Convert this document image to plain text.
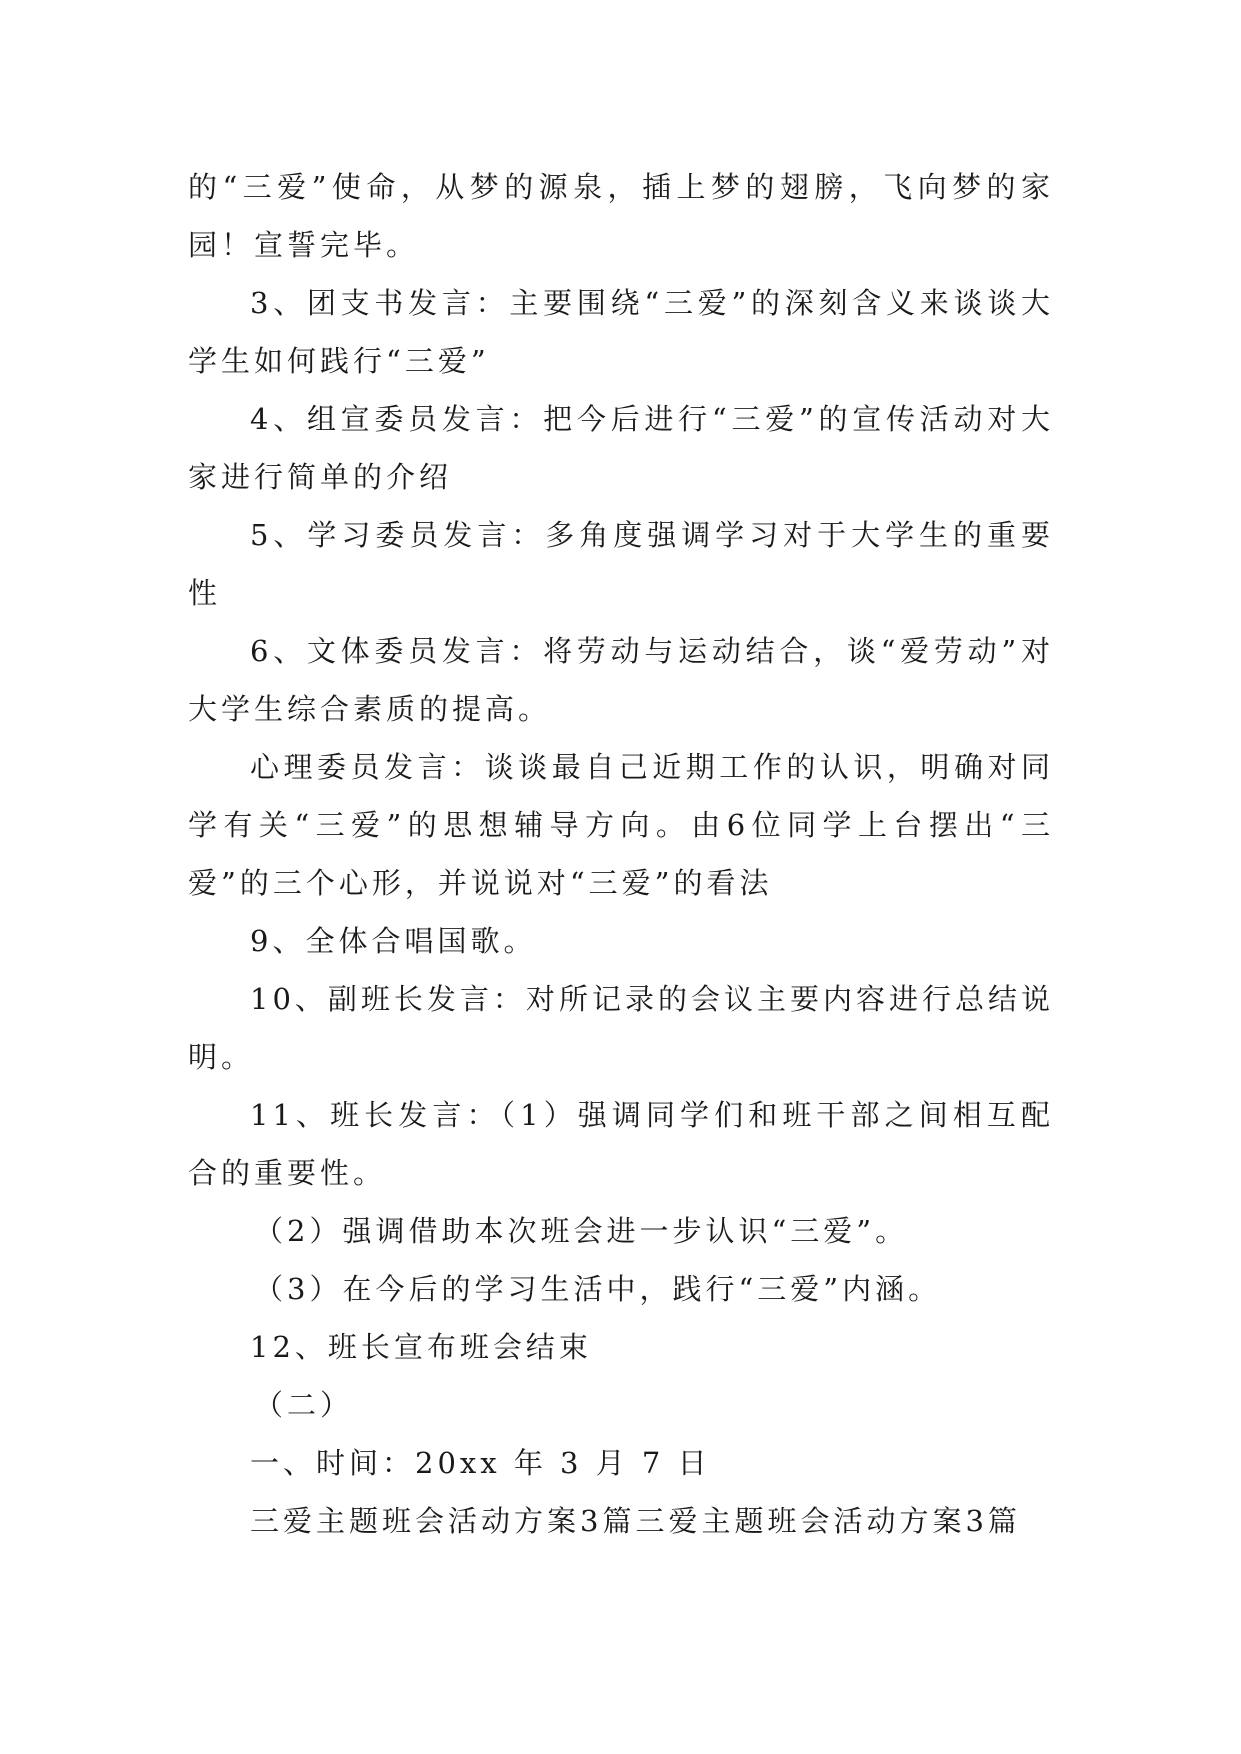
的“三爱”使命，从梦的源泉，插上梦的翅膀，飞向梦的家园！宣誓完毕。

3、团支书发言：主要围绕“三爱”的深刻含义来谈谈大学生如何践行“三爱”

4、组宣委员发言：把今后进行“三爱”的宣传活动对大家进行简单的介绍

5、学习委员发言：多角度强调学习对于大学生的重要性

6、文体委员发言：将劳动与运动结合，谈“爱劳动”对大学生综合素质的提高。

心理委员发言：谈谈最自己近期工作的认识，明确对同学有关“三爱”的思想辅导方向。由6位同学上台摆出“三爱”的三个心形，并说说对“三爱”的看法

9、全体合唱国歌。

10、副班长发言：对所记录的会议主要内容进行总结说明。

11、班长发言：（1）强调同学们和班干部之间相互配合的重要性。

（2）强调借助本次班会进一步认识“三爱”。

（3）在今后的学习生活中，践行“三爱”内涵。

12、班长宣布班会结束

（二）

一、时间：20xx 年 3 月 7 日

三爱主题班会活动方案3篇三爱主题班会活动方案3篇
